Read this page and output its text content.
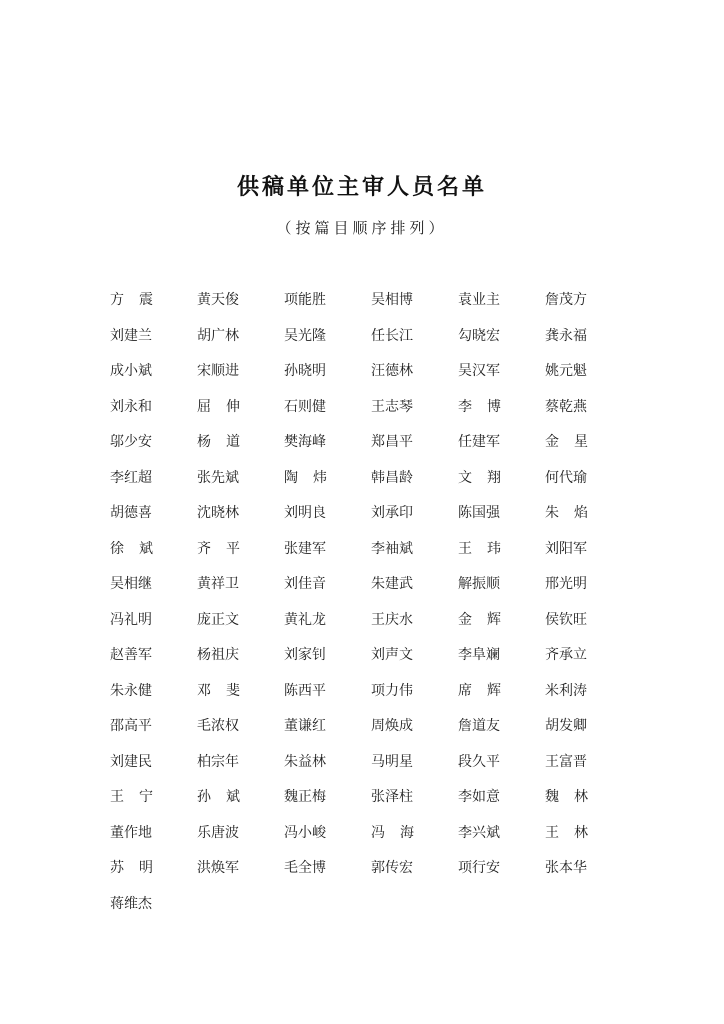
供稿单位主审人员名单
（按篇目顺序排列）
方震	黄天俊	项能胜	吴相博	袁业主	詹茂方
刘建兰	胡广林	吴光隆	任长江	勾晓宏	龚永福
成小斌	宋顺进	孙晓明	汪德林	吴汉军	姚元魁
刘永和	屈伸	石则健	王志琴	李博	蔡乾燕
邬少安	杨道	樊海峰	郑昌平	任建军	金星
李红超	张先斌	陶炜	韩昌龄	文翔	何代瑜
胡德喜	沈晓林	刘明良	刘承印	陈国强	朱焰
徐斌	齐平	张建军	李袖斌	王玮	刘阳军
吴相继	黄祥卫	刘佳音	朱建武	解振顺	邢光明
冯礼明	庞正文	黄礼龙	王庆水	金辉	侯钦旺
赵善军	杨祖庆	刘家钊	刘声文	李阜斓	齐承立
朱永健	邓斐	陈西平	项力伟	席辉	米利涛
邵高平	毛浓权	董谦红	周焕成	詹道友	胡发卿
刘建民	柏宗年	朱益林	马明星	段久平	王富晋
王宁	孙斌	魏正梅	张泽柱	李如意	魏林
董作地	乐唐波	冯小峻	冯海	李兴斌	王林
苏明	洪焕军	毛全博	郭传宏	项行安	张本华
蒋维杰
